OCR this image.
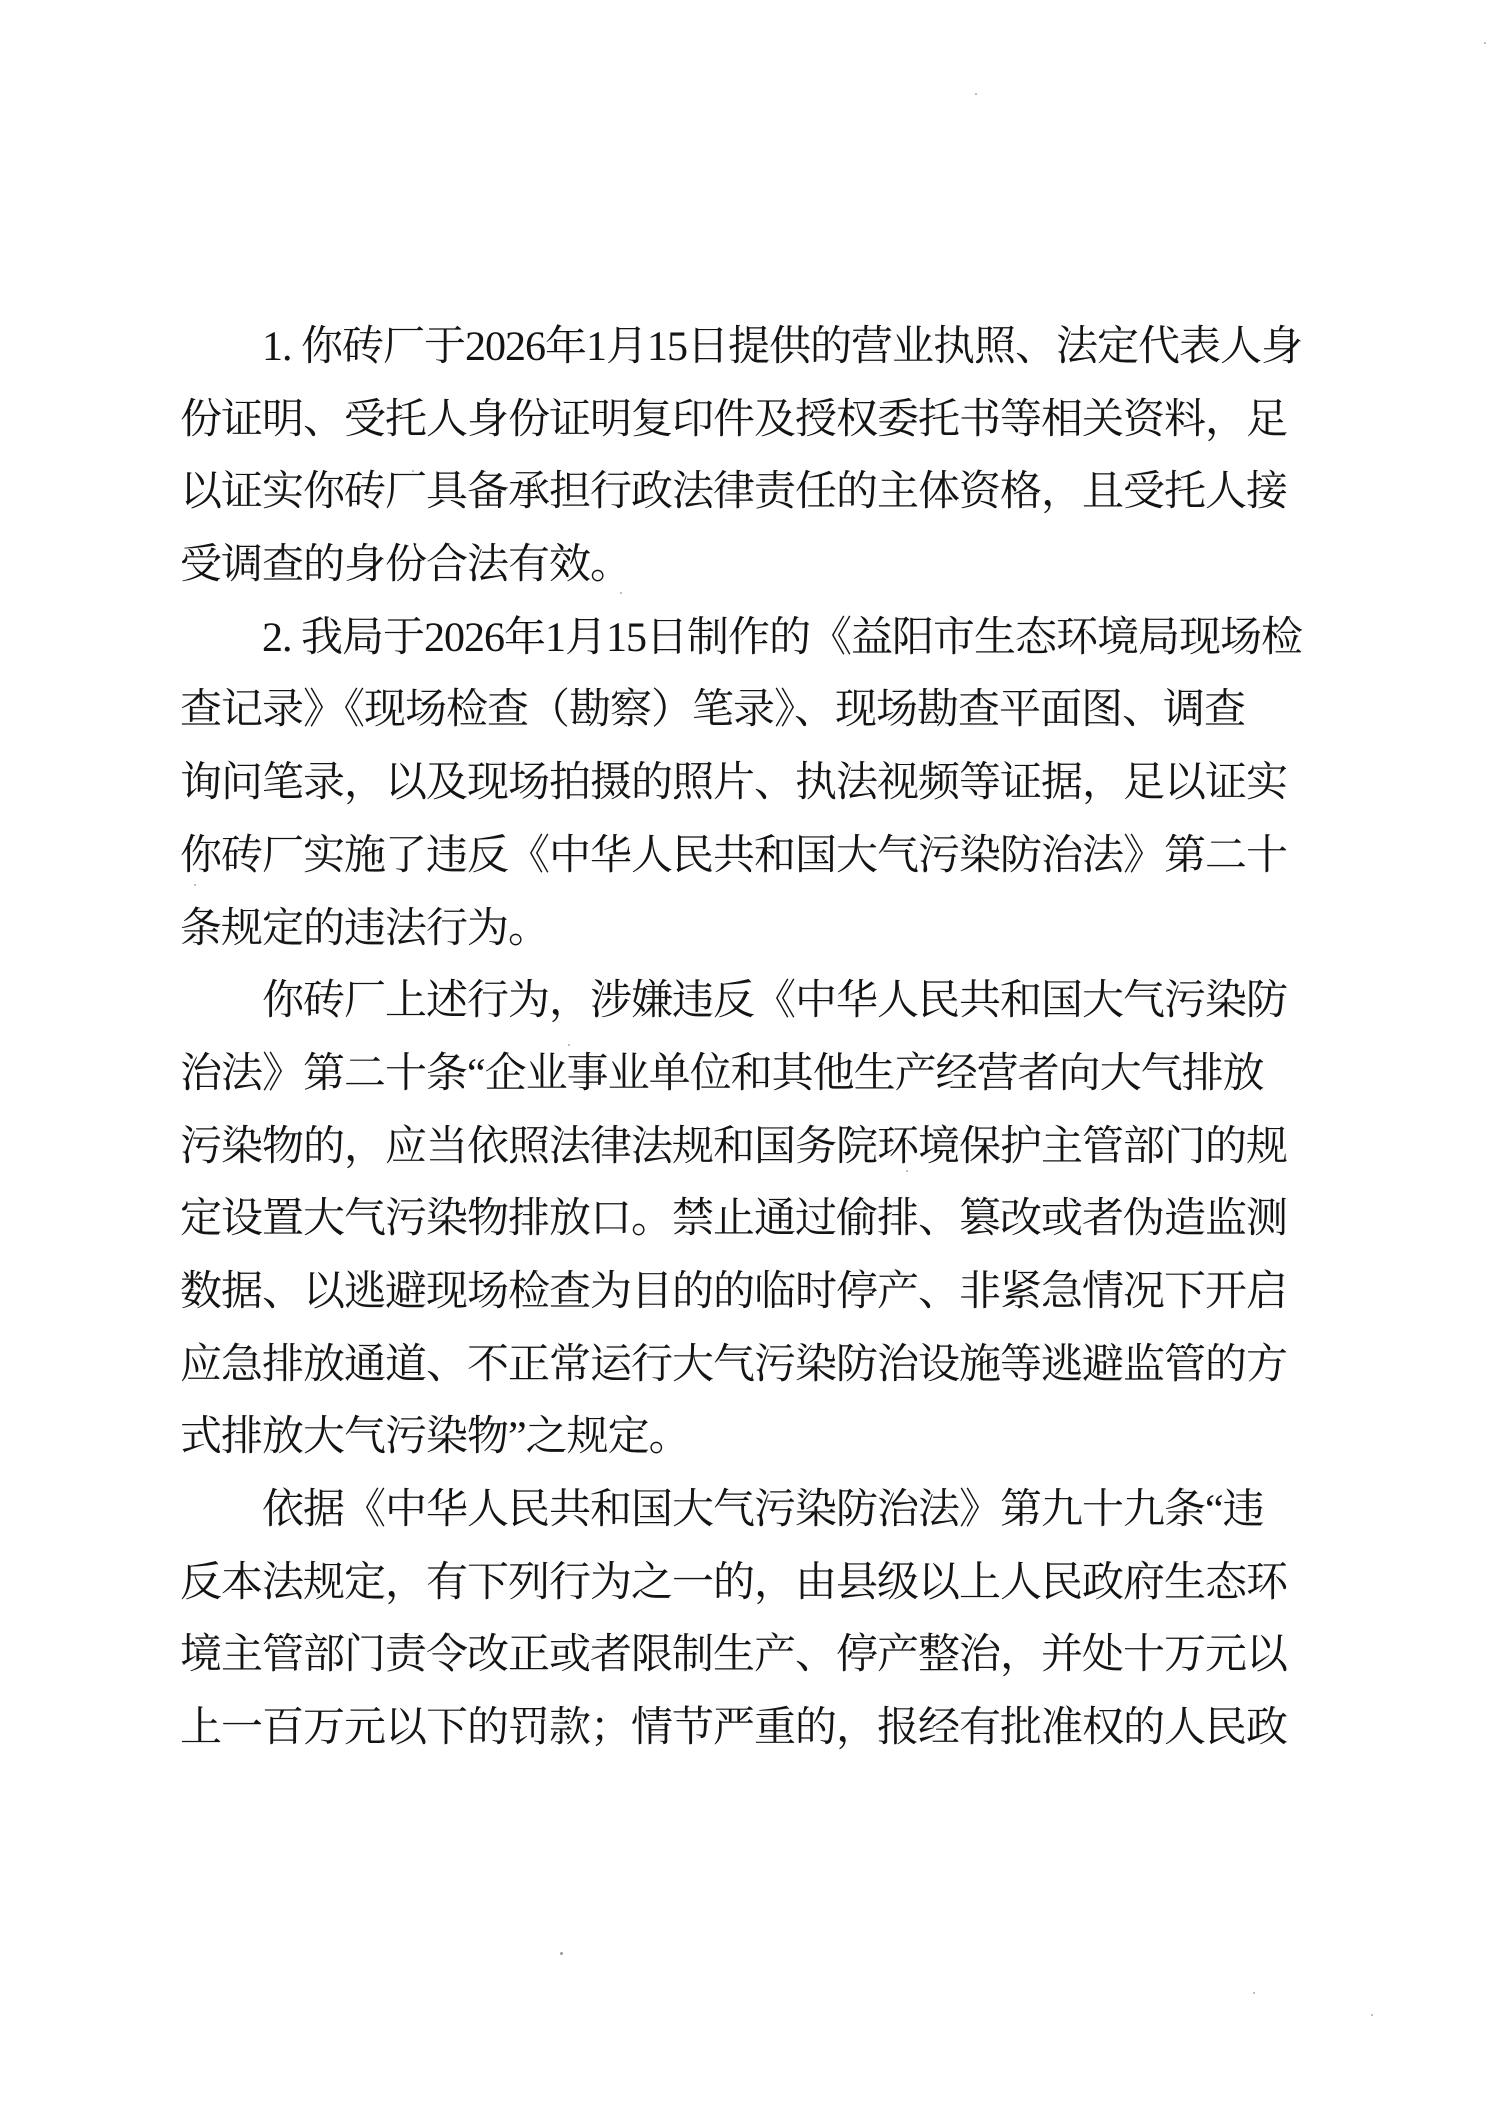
　　1. 你砖厂于2026年1月15日提供的营业执照、法定代表人身
份证明、受托人身份证明复印件及授权委托书等相关资料，足
以证实你砖厂具备承担行政法律责任的主体资格，且受托人接
受调查的身份合法有效。
　　2. 我局于2026年1月15日制作的《益阳市生态环境局现场检
查记录》《现场检查（勘察）笔录》、现场勘查平面图、调查
询问笔录，以及现场拍摄的照片、执法视频等证据，足以证实
你砖厂实施了违反《中华人民共和国大气污染防治法》第二十
条规定的违法行为。
　　你砖厂上述行为，涉嫌违反《中华人民共和国大气污染防
治法》第二十条“企业事业单位和其他生产经营者向大气排放
污染物的，应当依照法律法规和国务院环境保护主管部门的规
定设置大气污染物排放口。禁止通过偷排、篡改或者伪造监测
数据、以逃避现场检查为目的的临时停产、非紧急情况下开启
应急排放通道、不正常运行大气污染防治设施等逃避监管的方
式排放大气污染物”之规定。
　　依据《中华人民共和国大气污染防治法》第九十九条“违
反本法规定，有下列行为之一的，由县级以上人民政府生态环
境主管部门责令改正或者限制生产、停产整治，并处十万元以
上一百万元以下的罚款；情节严重的，报经有批准权的人民政
